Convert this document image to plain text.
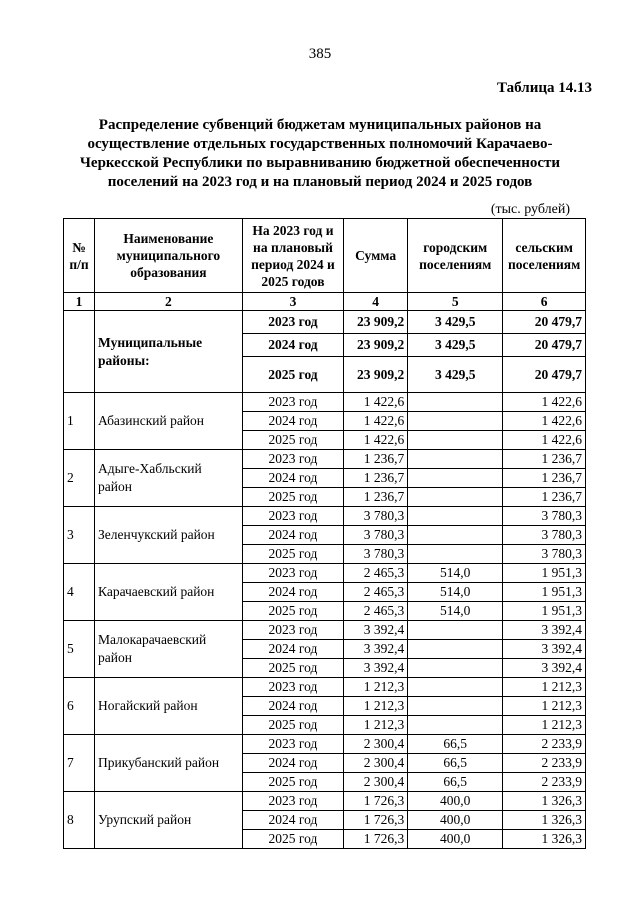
385
Таблица 14.13
Распределение субвенций бюджетам муниципальных районов на осуществление отдельных государственных полномочий Карачаево-Черкесской Республики по выравниванию бюджетной обеспеченности поселений на 2023 год и на плановый период 2024 и 2025 годов
(тыс. рублей)
№ п/п	Наименование муниципального образования	На 2023 год и на плановый период 2024 и 2025 годов	Сумма	городским поселениям	сельским поселениям
1	2	3	4	5	6
	Муниципальные районы:	2023 год	23 909,2	3 429,5	20 479,7
		2024 год	23 909,2	3 429,5	20 479,7
		2025 год	23 909,2	3 429,5	20 479,7
1	Абазинский район	2023 год	1 422,6		1 422,6
		2024 год	1 422,6		1 422,6
		2025 год	1 422,6		1 422,6
2	Адыге-Хабльский район	2023 год	1 236,7		1 236,7
		2024 год	1 236,7		1 236,7
		2025 год	1 236,7		1 236,7
3	Зеленчукский район	2023 год	3 780,3		3 780,3
		2024 год	3 780,3		3 780,3
		2025 год	3 780,3		3 780,3
4	Карачаевский район	2023 год	2 465,3	514,0	1 951,3
		2024 год	2 465,3	514,0	1 951,3
		2025 год	2 465,3	514,0	1 951,3
5	Малокарачаевский район	2023 год	3 392,4		3 392,4
		2024 год	3 392,4		3 392,4
		2025 год	3 392,4		3 392,4
6	Ногайский район	2023 год	1 212,3		1 212,3
		2024 год	1 212,3		1 212,3
		2025 год	1 212,3		1 212,3
7	Прикубанский район	2023 год	2 300,4	66,5	2 233,9
		2024 год	2 300,4	66,5	2 233,9
		2025 год	2 300,4	66,5	2 233,9
8	Урупский район	2023 год	1 726,3	400,0	1 326,3
		2024 год	1 726,3	400,0	1 326,3
		2025 год	1 726,3	400,0	1 326,3
